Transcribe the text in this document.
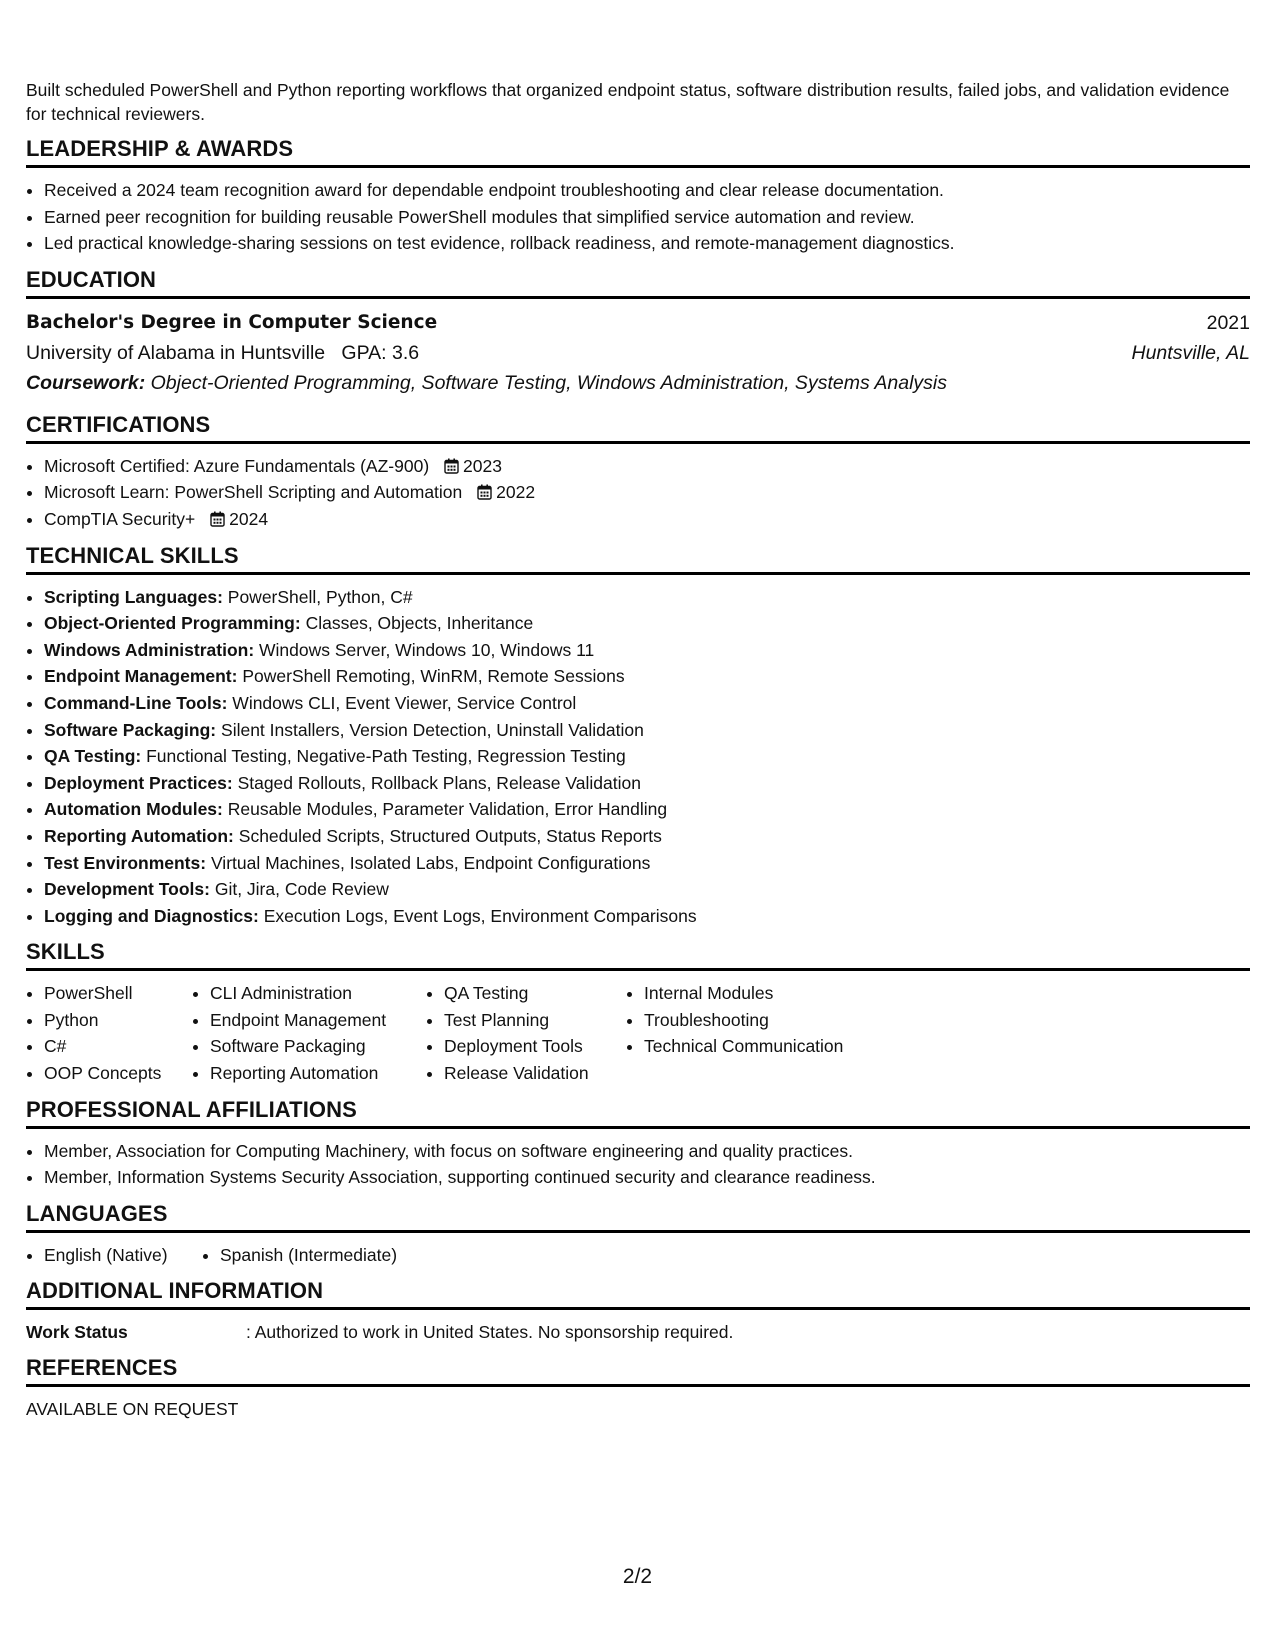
Built scheduled PowerShell and Python reporting workflows that organized endpoint status, software distribution results, failed jobs, and validation evidence for technical reviewers.

LEADERSHIP & AWARDS
• Received a 2024 team recognition award for dependable endpoint troubleshooting and clear release documentation.
• Earned peer recognition for building reusable PowerShell modules that simplified service automation and review.
• Led practical knowledge-sharing sessions on test evidence, rollback readiness, and remote-management diagnostics.
EDUCATION
Bachelor's Degree in Computer Science	2021
University of Alabama in Huntsville GPA: 3.6	Huntsville, AL
Coursework: Object-Oriented Programming, Software Testing, Windows Administration, Systems Analysis
CERTIFICATIONS
• Microsoft Certified: Azure Fundamentals (AZ-900) 2023
• Microsoft Learn: PowerShell Scripting and Automation 2022
• CompTIA Security+ 2024
TECHNICAL SKILLS
• Scripting Languages: PowerShell, Python, C#
• Object-Oriented Programming: Classes, Objects, Inheritance
• Windows Administration: Windows Server, Windows 10, Windows 11
• Endpoint Management: PowerShell Remoting, WinRM, Remote Sessions
• Command-Line Tools: Windows CLI, Event Viewer, Service Control
• Software Packaging: Silent Installers, Version Detection, Uninstall Validation
• QA Testing: Functional Testing, Negative-Path Testing, Regression Testing
• Deployment Practices: Staged Rollouts, Rollback Plans, Release Validation
• Automation Modules: Reusable Modules, Parameter Validation, Error Handling
• Reporting Automation: Scheduled Scripts, Structured Outputs, Status Reports
• Test Environments: Virtual Machines, Isolated Labs, Endpoint Configurations
• Development Tools: Git, Jira, Code Review
• Logging and Diagnostics: Execution Logs, Event Logs, Environment Comparisons
SKILLS
• PowerShell
• Python
• C#
• OOP Concepts
• CLI Administration
• Endpoint Management
• Software Packaging
• Reporting Automation
• QA Testing
• Test Planning
• Deployment Tools
• Release Validation
• Internal Modules
• Troubleshooting
• Technical Communication
PROFESSIONAL AFFILIATIONS
• Member, Association for Computing Machinery, with focus on software engineering and quality practices.
• Member, Information Systems Security Association, supporting continued security and clearance readiness.
LANGUAGES
• English (Native)
•	Spanish (Intermediate)
ADDITIONAL INFORMATION
Work Status	: Authorized to work in United States. No sponsorship required.
REFERENCES
AVAILABLE ON REQUEST
2/2
